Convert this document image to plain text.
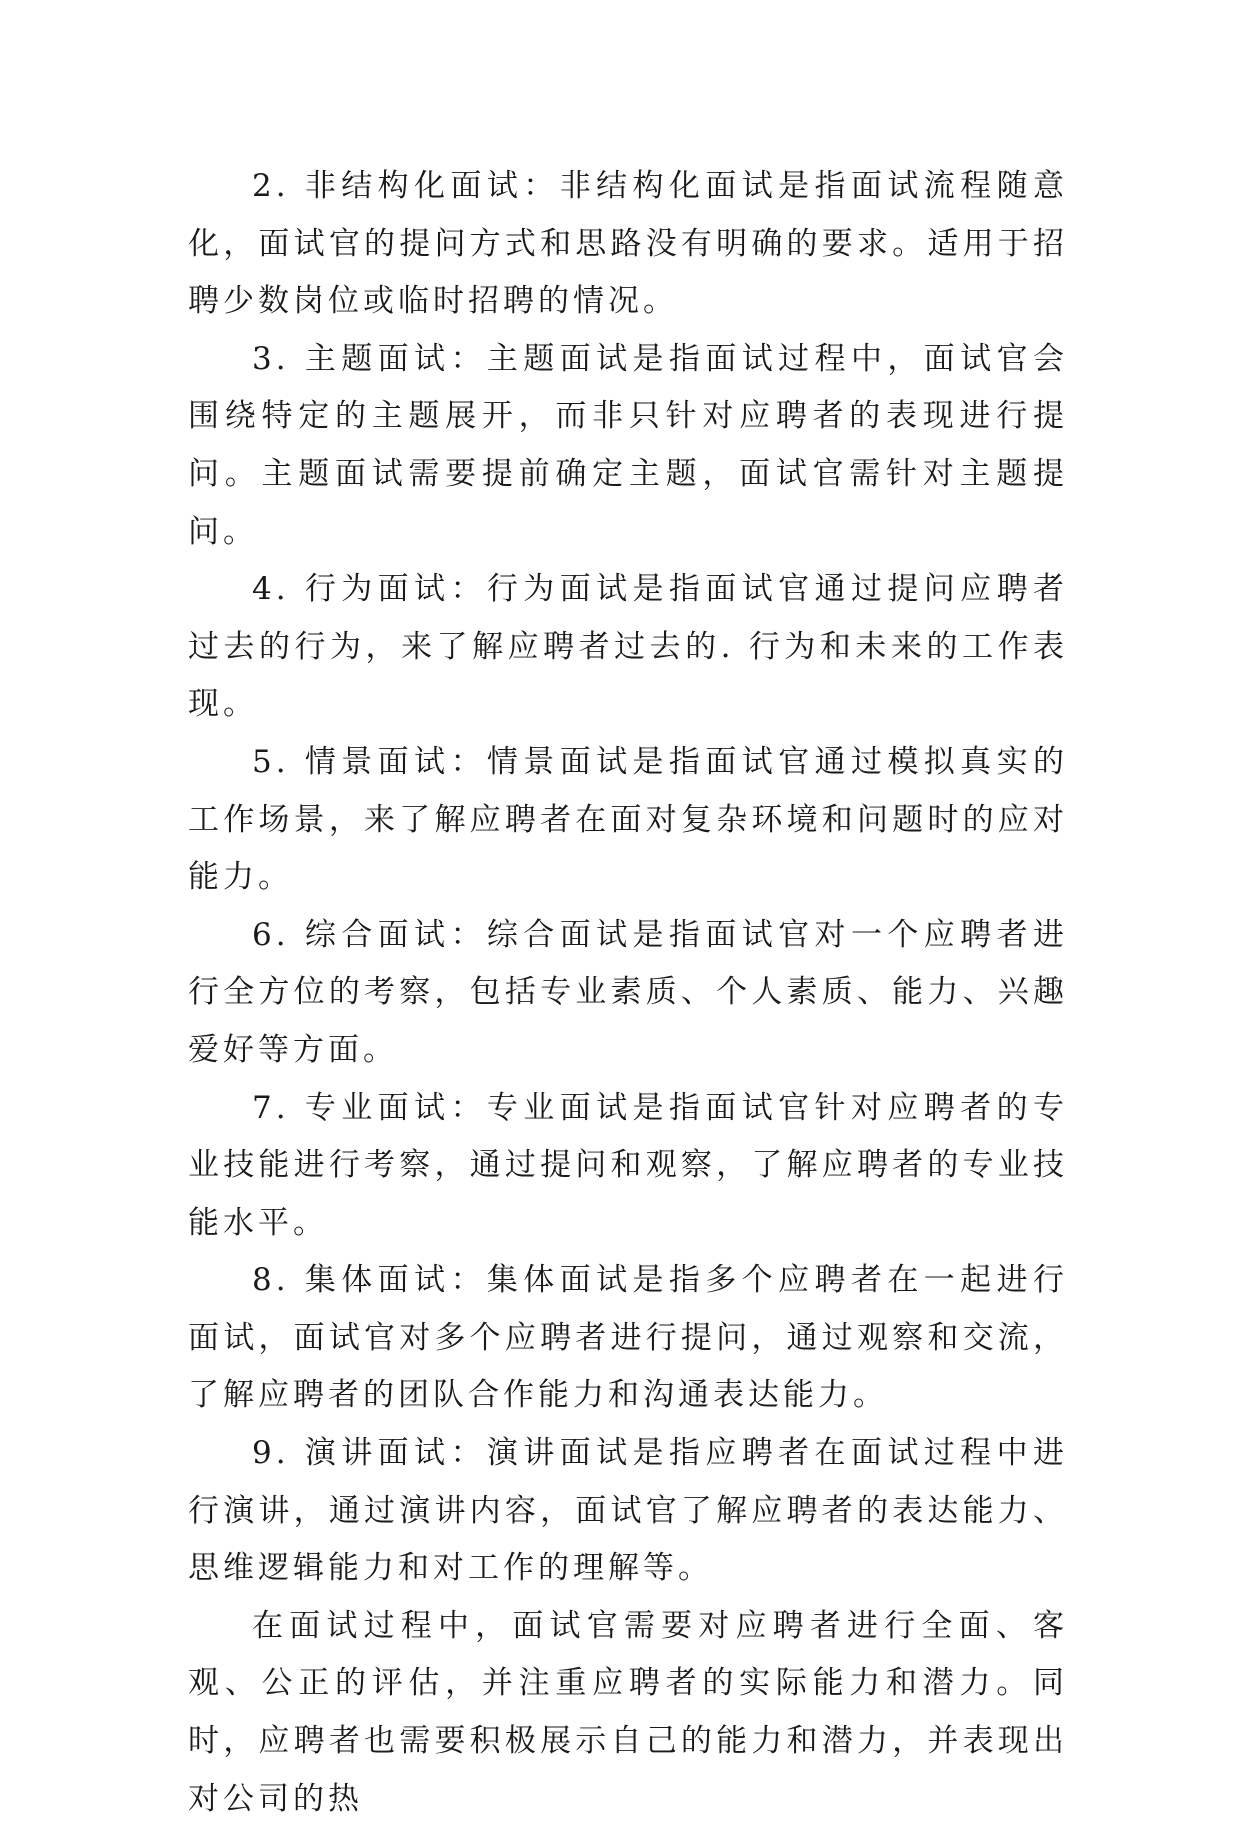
2. 非结构化面试：非结构化面试是指面试流程随意化，面试官的提问方式和思路没有明确的要求。适用于招聘少数岗位或临时招聘的情况。

3. 主题面试：主题面试是指面试过程中，面试官会围绕特定的主题展开，而非只针对应聘者的表现进行提问。主题面试需要提前确定主题，面试官需针对主题提问。

4. 行为面试：行为面试是指面试官通过提问应聘者过去的行为，来了解应聘者过去的. 行为和未来的工作表现。

5. 情景面试：情景面试是指面试官通过模拟真实的工作场景，来了解应聘者在面对复杂环境和问题时的应对能力。

6. 综合面试：综合面试是指面试官对一个应聘者进行全方位的考察，包括专业素质、个人素质、能力、兴趣爱好等方面。

7. 专业面试：专业面试是指面试官针对应聘者的专业技能进行考察，通过提问和观察，了解应聘者的专业技能水平。

8. 集体面试：集体面试是指多个应聘者在一起进行面试，面试官对多个应聘者进行提问，通过观察和交流，了解应聘者的团队合作能力和沟通表达能力。

9. 演讲面试：演讲面试是指应聘者在面试过程中进行演讲，通过演讲内容，面试官了解应聘者的表达能力、思维逻辑能力和对工作的理解等。

在面试过程中，面试官需要对应聘者进行全面、客观、公正的评估，并注重应聘者的实际能力和潜力。同时，应聘者也需要积极展示自己的能力和潜力，并表现出对公司的热
